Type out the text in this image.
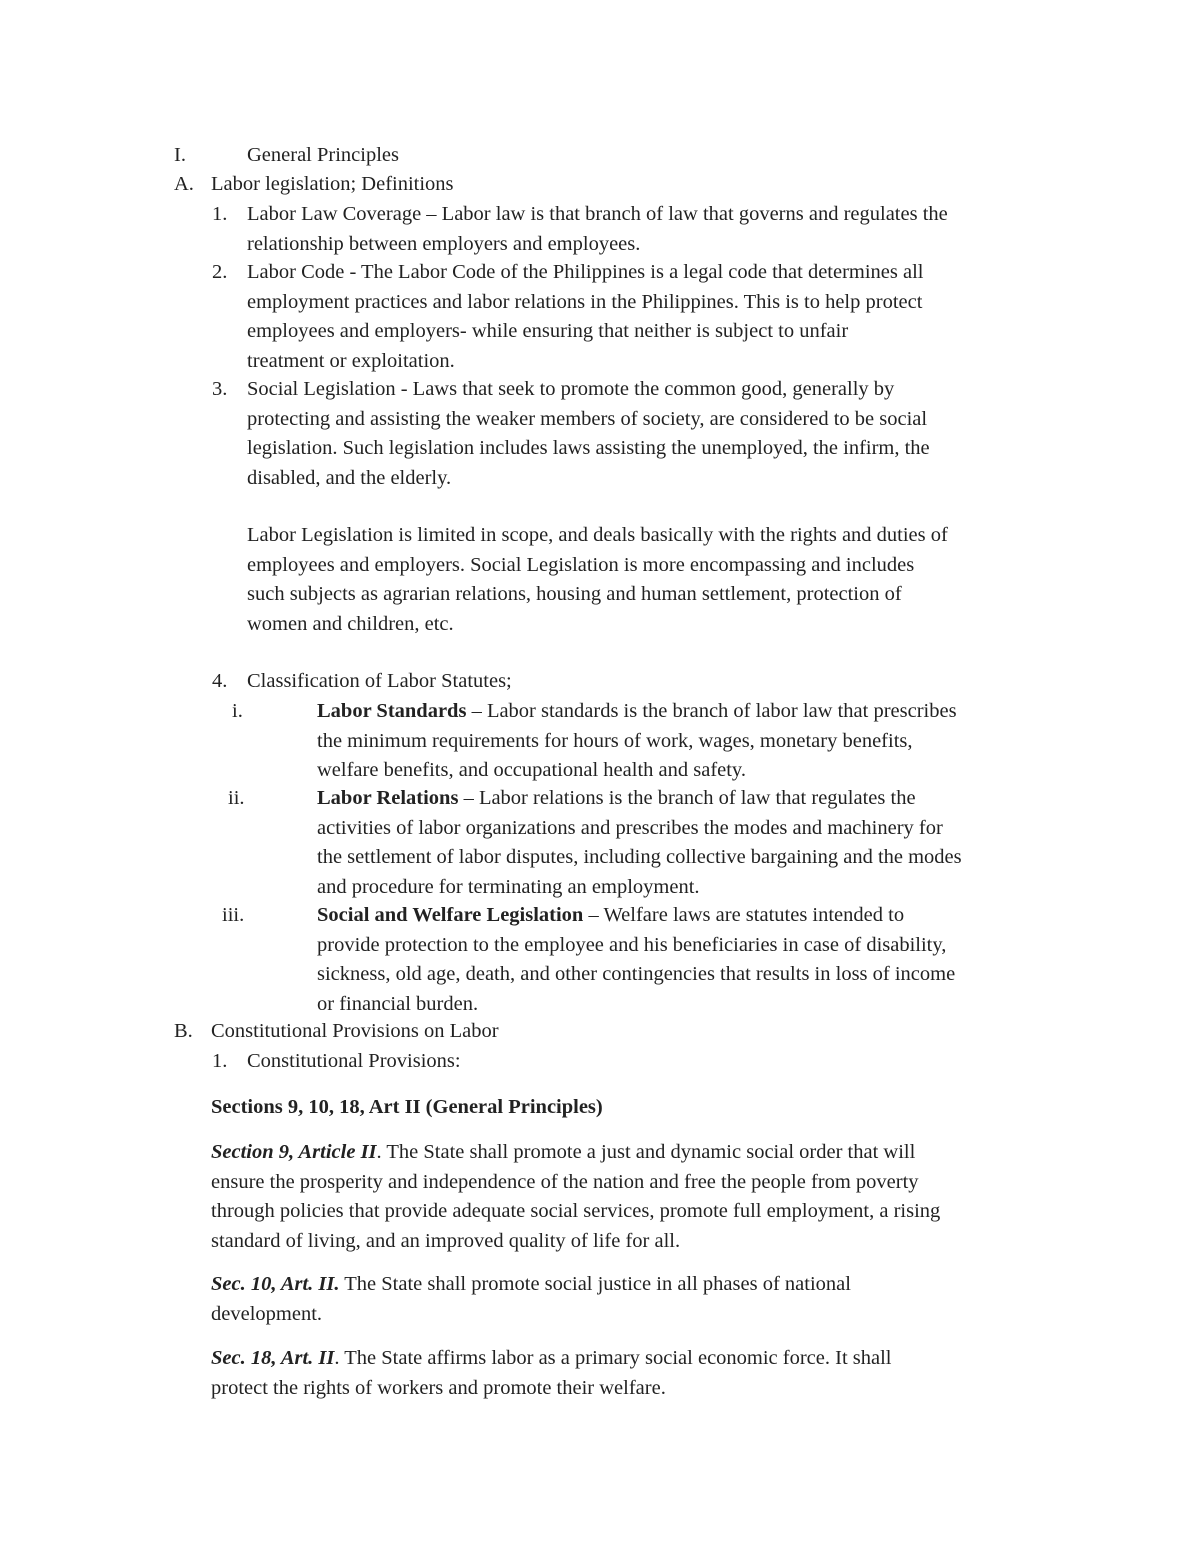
I.	General Principles
A. Labor legislation; Definitions
1. Labor Law Coverage – Labor law is that branch of law that governs and regulates the
relationship between employers and employees.
2. Labor Code - The Labor Code of the Philippines is a legal code that determines all
employment practices and labor relations in the Philippines. This is to help protect
employees and employers- while ensuring that neither is subject to unfair
treatment or exploitation.
3. Social Legislation - Laws that seek to promote the common good, generally by
protecting and assisting the weaker members of society, are considered to be social
legislation. Such legislation includes laws assisting the unemployed, the infirm, the
disabled, and the elderly.
Labor Legislation is limited in scope, and deals basically with the rights and duties of
employees and employers. Social Legislation is more encompassing and includes
such subjects as agrarian relations, housing and human settlement, protection of
women and children, etc.
4. Classification of Labor Statutes;
i.	Labor Standards – Labor standards is the branch of labor law that prescribes
the minimum requirements for hours of work, wages, monetary benefits,
welfare benefits, and occupational health and safety.
ii.	Labor Relations – Labor relations is the branch of law that regulates the
activities of labor organizations and prescribes the modes and machinery for
the settlement of labor disputes, including collective bargaining and the modes
and procedure for terminating an employment.
iii.	Social and Welfare Legislation – Welfare laws are statutes intended to
provide protection to the employee and his beneficiaries in case of disability,
sickness, old age, death, and other contingencies that results in loss of income
or financial burden.
B. Constitutional Provisions on Labor
1. Constitutional Provisions:
Sections 9, 10, 18, Art II (General Principles)
Section 9, Article II. The State shall promote a just and dynamic social order that will
ensure the prosperity and independence of the nation and free the people from poverty
through policies that provide adequate social services, promote full employment, a rising
standard of living, and an improved quality of life for all.
Sec. 10, Art. II. The State shall promote social justice in all phases of national
development.
Sec. 18, Art. II. The State affirms labor as a primary social economic force. It shall
protect the rights of workers and promote their welfare.
